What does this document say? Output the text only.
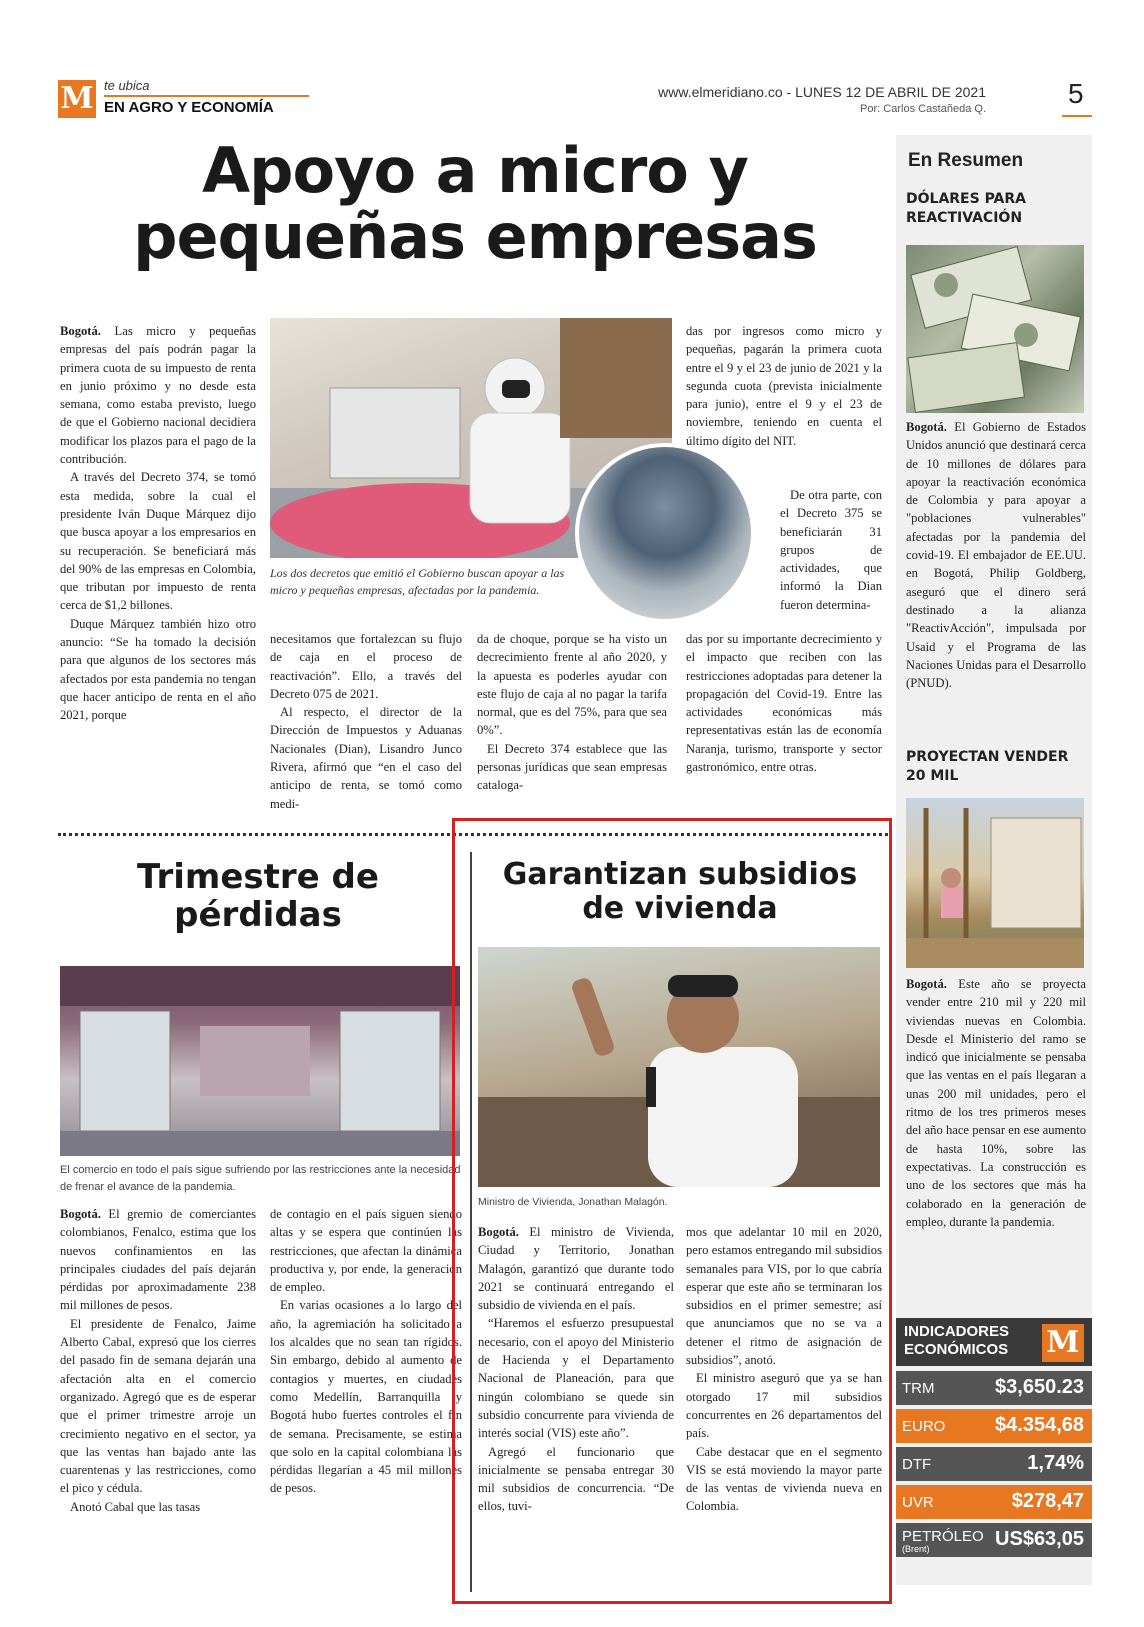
M te ubica
EN AGRO Y ECONOMÍA
www.elmeridiano.co - LUNES 12 DE ABRIL DE 2021
Por: Carlos Castañeda Q.	5
Apoyo a micro y
pequeñas empresas

Bogotá. Las micro y pequeñas empresas del país podrán pagar la primera cuota de su impuesto de renta en junio próximo y no desde esta semana, como estaba previsto, luego de que el Gobierno nacional decidiera modificar los plazos para el pago de la contribución.

A través del Decreto 374, se tomó esta medida, sobre la cual el presidente Iván Duque Márquez dijo que busca apoyar a los empresarios en su recuperación. Se beneficiará más del 90% de las empresas en Colombia, que tributan por impuesto de renta cerca de $1,2 billones.

Duque Márquez también hizo otro anuncio: “Se ha tomado la decisión para que algunos de los sectores más afectados por esta pandemia no tengan que hacer anticipo de renta en el año 2021, porque

Los dos decretos que emitió el Gobierno buscan apoyar a las micro y pequeñas empresas, afectadas por la pandemia.

necesitamos que fortalezcan su flujo de caja en el proceso de reactivación”. Ello, a través del Decreto 075 de 2021.

Al respecto, el director de la Dirección de Impuestos y Aduanas Nacionales (Dian), Lisandro Junco Rivera, afirmó que “en el caso del anticipo de renta, se tomó como medi-

da de choque, porque se ha visto un decrecimiento frente al año 2020, y la apuesta es poderles ayudar con este flujo de caja al no pagar la tarifa normal, que es del 75%, para que sea 0%”.

El Decreto 374 establece que las personas jurídicas que sean empresas cataloga-

das por ingresos como micro y pequeñas, pagarán la primera cuota entre el 9 y el 23 de junio de 2021 y la segunda cuota (prevista inicialmente para junio), entre el 9 y el 23 de noviembre, teniendo en cuenta el último dígito del NIT.

De otra parte, con el Decreto 375 se beneficiarán 31 grupos de actividades, que informó la Dian fueron determina-

das por su importante decrecimiento y el impacto que reciben con las restricciones adoptadas para detener la propagación del Covid-19. Entre las actividades económicas más representativas están las de economía Naranja, turismo, transporte y sector gastronómico, entre otras.

Trimestre de
pérdidas
El comercio en todo el país sigue sufriendo por las restricciones ante la necesidad de frenar el avance de la pandemia.

Bogotá. El gremio de comerciantes colombianos, Fenalco, estima que los nuevos confinamientos en las principales ciudades del país dejarán pérdidas por aproximadamente 238 mil millones de pesos.

El presidente de Fenalco, Jaime Alberto Cabal, expresó que los cierres del pasado fin de semana dejarán una afectación alta en el comercio organizado. Agregó que es de esperar que el primer trimestre arroje un crecimiento negativo en el sector, ya que las ventas han bajado ante las cuarentenas y las restricciones, como el pico y cédula.

Anotó Cabal que las tasas

de contagio en el país siguen siendo altas y se espera que continúen las restricciones, que afectan la dinámica productiva y, por ende, la generación de empleo.

En varias ocasiones a lo largo del año, la agremiación ha solicitado a los alcaldes que no sean tan rígidos. Sin embargo, debido al aumento de contagios y muertes, en ciudades como Medellín, Barranquilla y Bogotá hubo fuertes controles el fin de semana. Precisamente, se estima que solo en la capital colombiana las pérdidas llegarían a 45 mil millones de pesos.

Garantizan subsidios
de vivienda
Ministro de Vivienda, Jonathan Malagón.

Bogotá. El ministro de Vivienda, Ciudad y Territorio, Jonathan Malagón, garantizó que durante todo 2021 se continuará entregando el subsidio de vivienda en el país.

“Haremos el esfuerzo presupuestal necesario, con el apoyo del Ministerio de Hacienda y el Departamento Nacional de Planeación, para que ningún colombiano se quede sin subsidio concurrente para vivienda de interés social (VIS) este año”.

Agregó el funcionario que inicialmente se pensaba entregar 30 mil subsidios de concurrencia. “De ellos, tuvi-

mos que adelantar 10 mil en 2020, pero estamos entregando mil subsidios semanales para VIS, por lo que cabría esperar que este año se terminaran los subsidios en el primer semestre; así que anunciamos que no se va a detener el ritmo de asignación de subsidios”, anotó.

El ministro aseguró que ya se han otorgado 17 mil subsidios concurrentes en 26 departamentos del país.

Cabe destacar que en el segmento VIS se está moviendo la mayor parte de las ventas de vivienda nueva en Colombia.

En Resumen
DÓLARES PARA REACTIVACIÓN
Bogotá. El Gobierno de Estados Unidos anunció que destinará cerca de 10 millones de dólares para apoyar la reactivación económica de Colombia y para apoyar a "poblaciones vulnerables" afectadas por la pandemia del covid-19. El embajador de EE.UU. en Bogotá, Philip Goldberg, aseguró que el dinero será destinado a la alianza "ReactivAcción", impulsada por Usaid y el Programa de las Naciones Unidas para el Desarrollo (PNUD).
PROYECTAN VENDER 20 MIL
Bogotá. Este año se proyecta vender entre 210 mil y 220 mil viviendas nuevas en Colombia. Desde el Ministerio del ramo se indicó que inicialmente se pensaba que las ventas en el país llegaran a unas 200 mil unidades, pero el ritmo de los tres primeros meses del año hace pensar en ese aumento de hasta 10%, sobre las expectativas. La construcción es uno de los sectores que más ha colaborado en la generación de empleo, durante la pandemia.
INDICADORES
ECONÓMICOS	M
TRM	$3,650.23
EURO $4.354,68
DTF	1,74%
UVR	$278,47
PETRÓLEO
(Brent)	US$63,05
